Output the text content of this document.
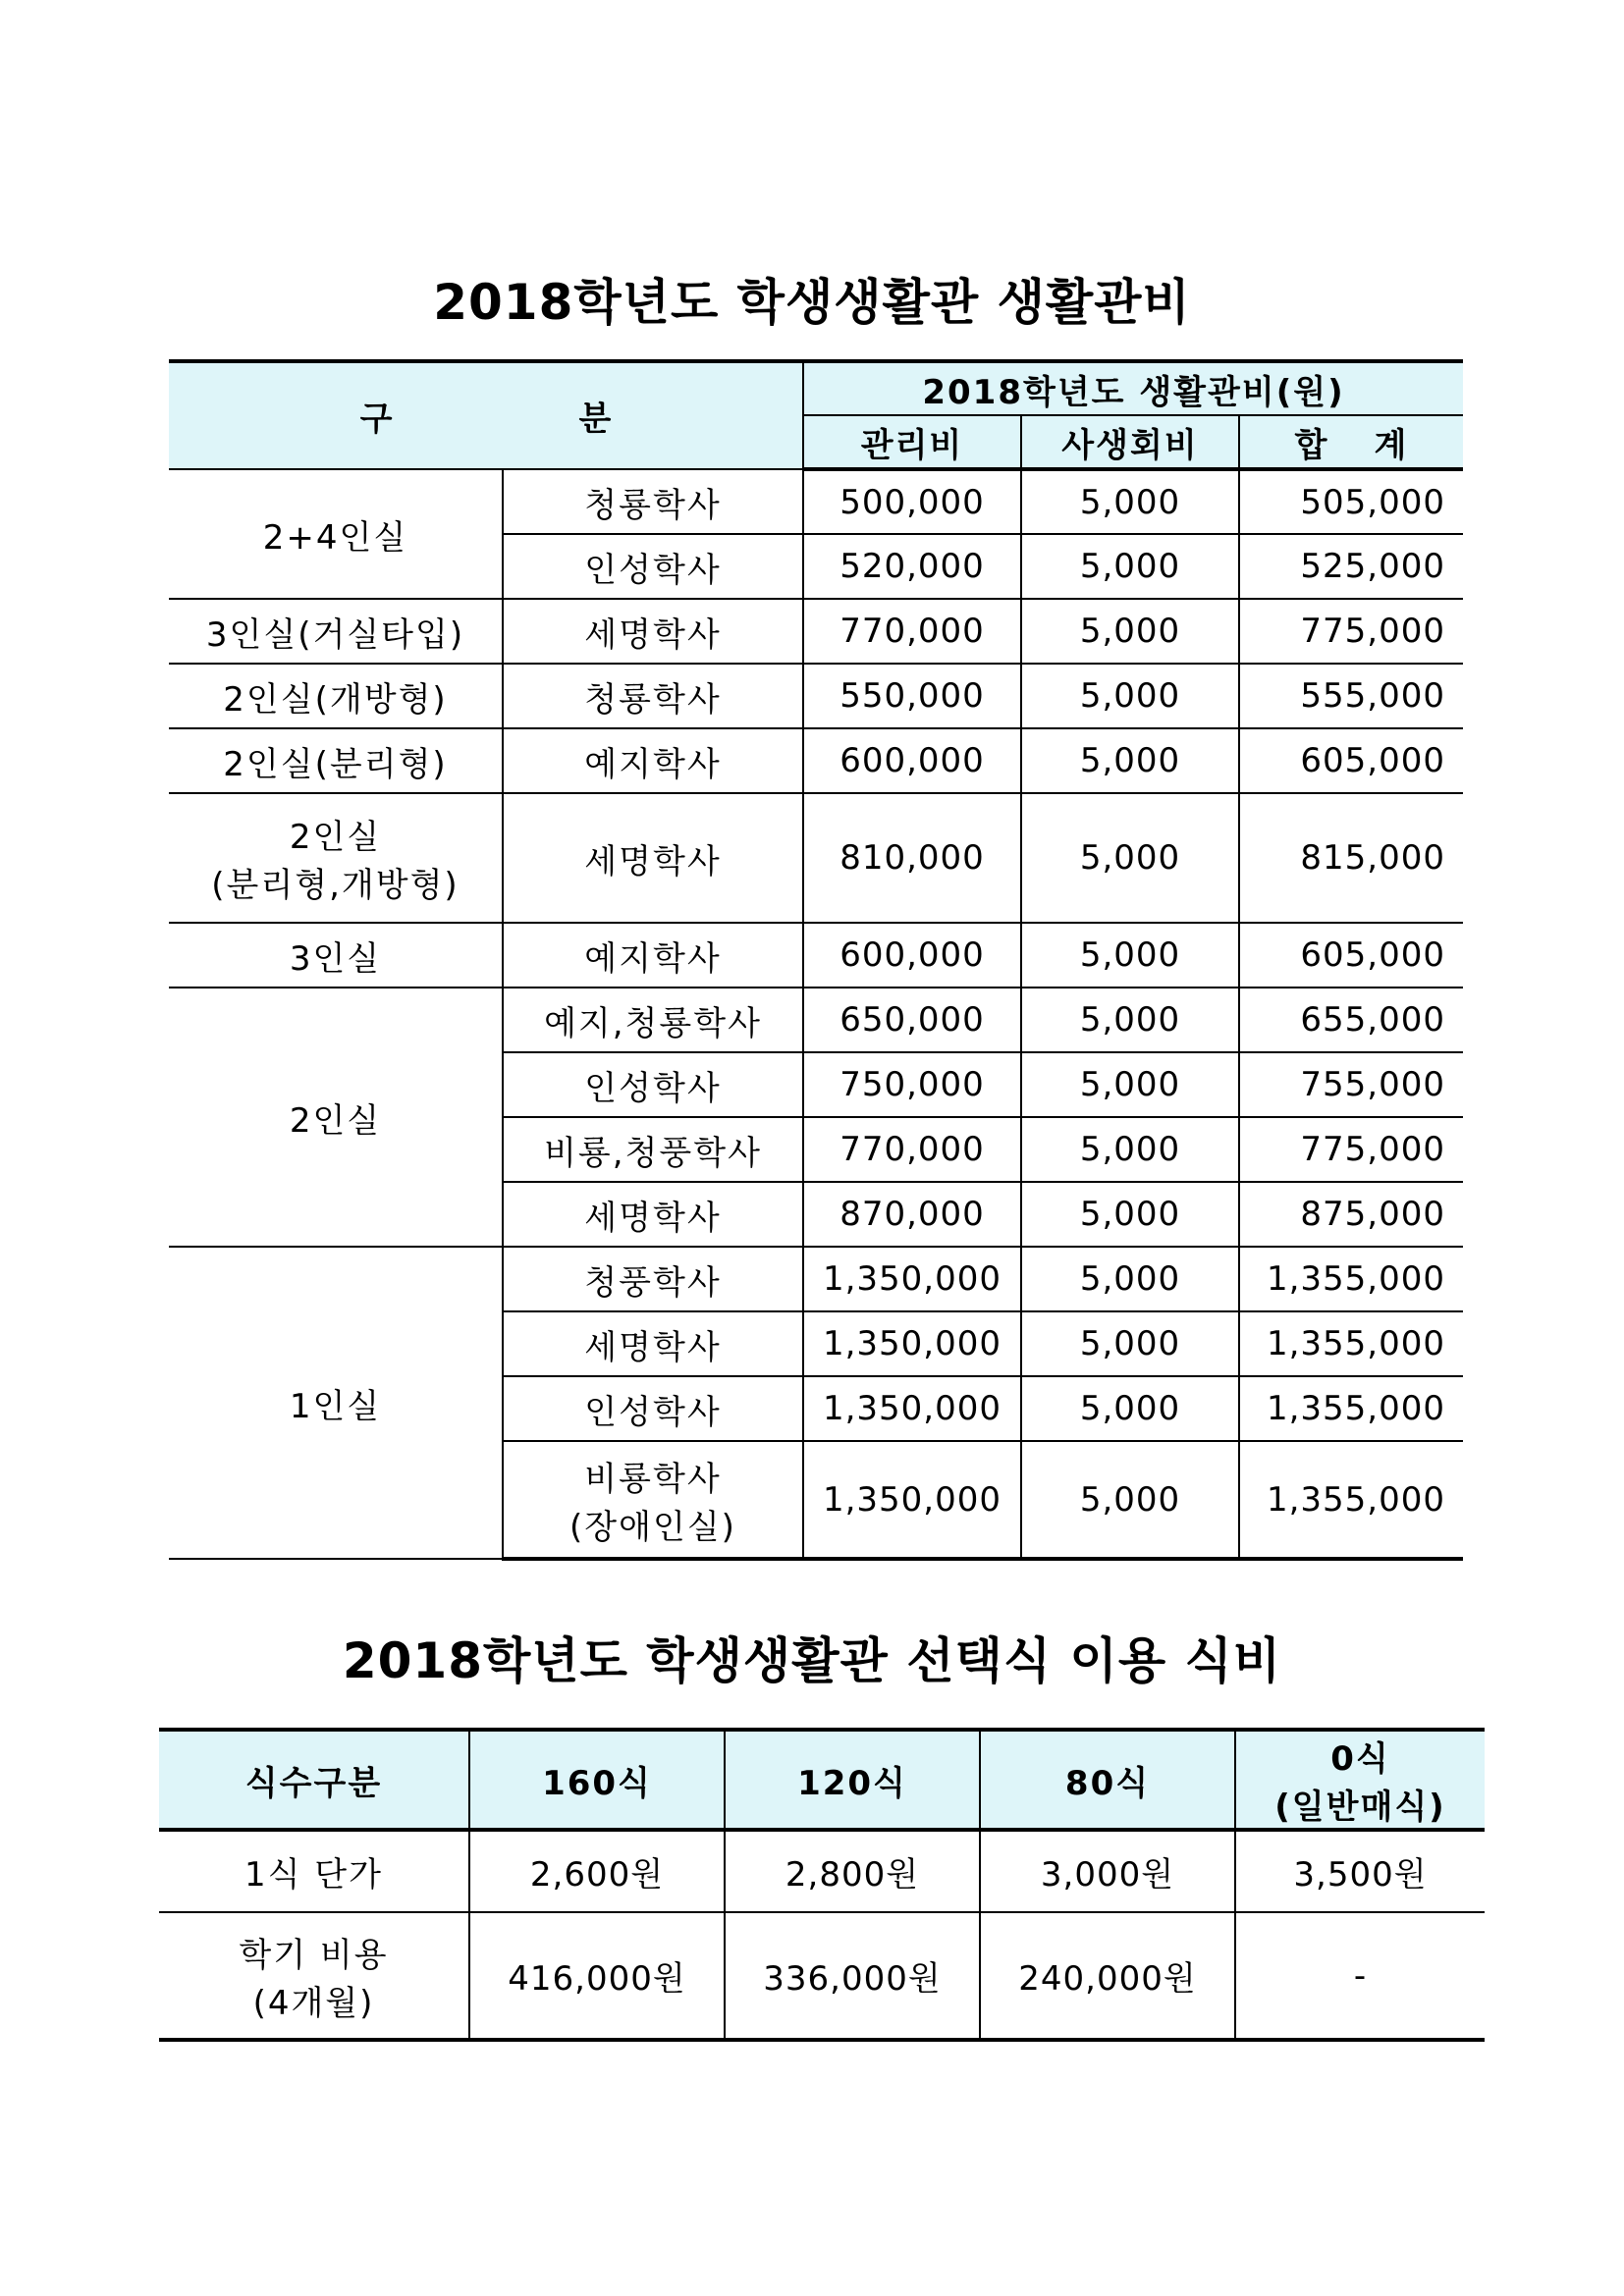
2018학년도 학생생활관 생활관비
구 분		2018학년도 생활관비(원)		
		관리비	사생회비	합 계
2+4인실	청룡학사	500,000	5,000	505,000
	인성학사	520,000	5,000	525,000
3인실(거실타입)	세명학사	770,000	5,000	775,000
2인실(개방형)	청룡학사	550,000	5,000	555,000
2인실(분리형)	예지학사	600,000	5,000	605,000
2인실
(분리형,개방형)	세명학사	810,000	5,000	815,000
3인실	예지학사	600,000	5,000	605,000
2인실	예지,청룡학사	650,000	5,000	655,000
	인성학사	750,000	5,000	755,000
	비룡,청풍학사	770,000	5,000	775,000
	세명학사	870,000	5,000	875,000
1인실	청풍학사	1,350,000	5,000	1,355,000
	세명학사	1,350,000	5,000	1,355,000
	인성학사	1,350,000	5,000	1,355,000
	비룡학사
(장애인실)	1,350,000	5,000	1,355,000
2018학년도 학생생활관 선택식 이용 식비
식수구분	160식	120식	80식	0식
(일반매식)
1식 단가	2,600원	2,800원	3,000원	3,500원
학기 비용
(4개월)	416,000원	336,000원	240,000원	-
